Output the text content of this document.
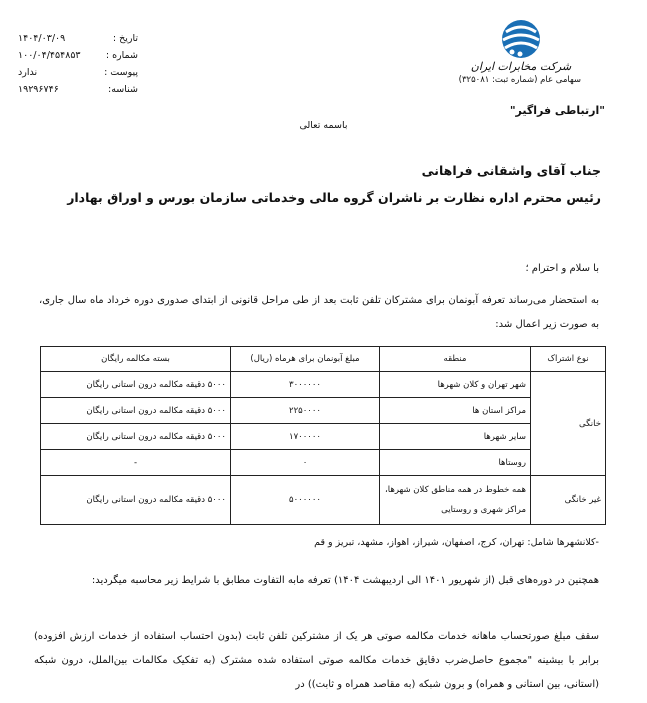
تاریخ :
۱۴۰۴/۰۳/۰۹
شماره :
۱۰۰/۰۴/۴۵۴۸۵۳
پیوست :
ندارد
شناسه:
۱۹۲۹۶۷۴۶
شرکت مخابرات ایران
سهامی عام (شماره ثبت: ۳۲۵۰۸۱)
"ارتباطی فراگیر"
باسمه تعالی
جناب آقای واشقانی فراهانی
رئیس محترم اداره نظارت بر ناشران گروه مالی وخدماتی سازمان بورس و اوراق بهادار
با سلام و احترام ؛
به استحضار می‌رساند تعرفه آبونمان برای مشترکان تلفن ثابت بعد از طی مراحل قانونی از ابتدای صدوری دوره خرداد ماه سال جاری، به صورت زیر اعمال شد:
نوع اشتراک	منطقه	مبلغ آبونمان برای هرماه (ریال)	بسته مکالمه رایگان
خانگی	شهر تهران و کلان شهرها	۳۰۰۰۰۰۰	۵۰۰۰ دقیقه مکالمه درون استانی رایگان
	مراکز استان ها	۲۲۵۰۰۰۰	۵۰۰۰ دقیقه مکالمه درون استانی رایگان
	سایر شهرها	۱۷۰۰۰۰۰	۵۰۰۰ دقیقه مکالمه درون استانی رایگان
	روستاها	۰	-
غیر خانگی	همه خطوط در همه مناطق کلان شهرها،
مراکز شهری و روستایی	۵۰۰۰۰۰۰	۵۰۰۰ دقیقه مکالمه درون استانی رایگان
-کلانشهرها شامل: تهران، کرج، اصفهان، شیراز، اهواز، مشهد، تبریز و قم
همچنین در دوره‌های قبل (از شهریور ۱۴۰۱ الی اردیبهشت ۱۴۰۴) تعرفه مابه التفاوت مطابق با شرایط زیر محاسبه میگردید:
سقف مبلغ صورتحساب ماهانه خدمات مکالمه صوتی هر یک از مشترکین تلفن ثابت (بدون احتساب استفاده از خدمات ارزش افزوده) برابر با بیشینه "مجموع حاصل‌ضرب دقایق خدمات مکالمه صوتی استفاده شده مشترک (به تفکیک مکالمات بین‌الملل، درون شبکه (استانی، بین استانی و همراه) و برون شبکه (به مقاصد همراه و ثابت)) در
